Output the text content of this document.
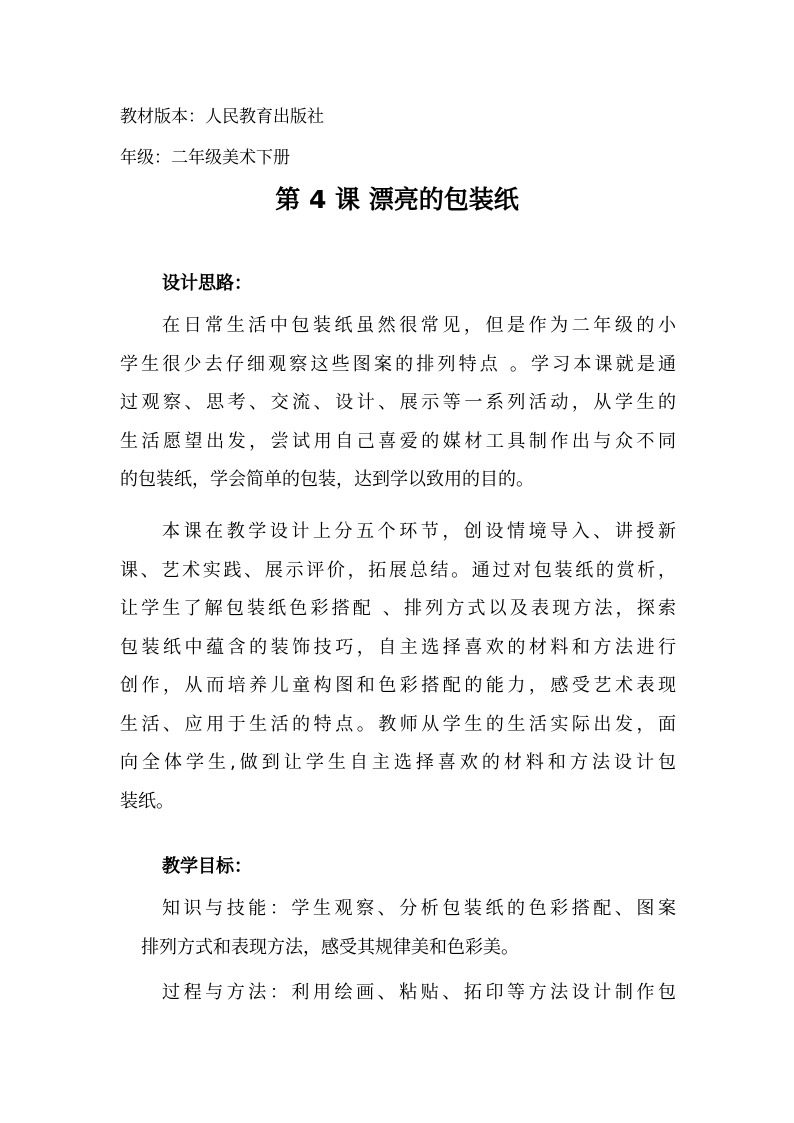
教材版本：人民教育出版社
年级：二年级美术下册
第 4 课 漂亮的包装纸
设计思路：
在日常生活中包装纸虽然很常见，但是作为二年级的小
学生很少去仔细观察这些图案的排列特点 。学习本课就是通
过观察、思考、交流、设计、展示等一系列活动，从学生的
生活愿望出发，尝试用自己喜爱的媒材工具制作出与众不同
的包装纸，学会简单的包装，达到学以致用的目的。
本课在教学设计上分五个环节，创设情境导入、讲授新
课、艺术实践、展示评价，拓展总结。通过对包装纸的赏析，
让学生了解包装纸色彩搭配 、排列方式以及表现方法，探索
包装纸中蕴含的装饰技巧，自主选择喜欢的材料和方法进行
创作，从而培养儿童构图和色彩搭配的能力，感受艺术表现
生活、应用于生活的特点。教师从学生的生活实际出发，面
向全体学生,做到让学生自主选择喜欢的材料和方法设计包
装纸。
教学目标：
知识与技能：学生观察、分析包装纸的色彩搭配、图案
排列方式和表现方法，感受其规律美和色彩美。
过程与方法：利用绘画、粘贴、拓印等方法设计制作包
